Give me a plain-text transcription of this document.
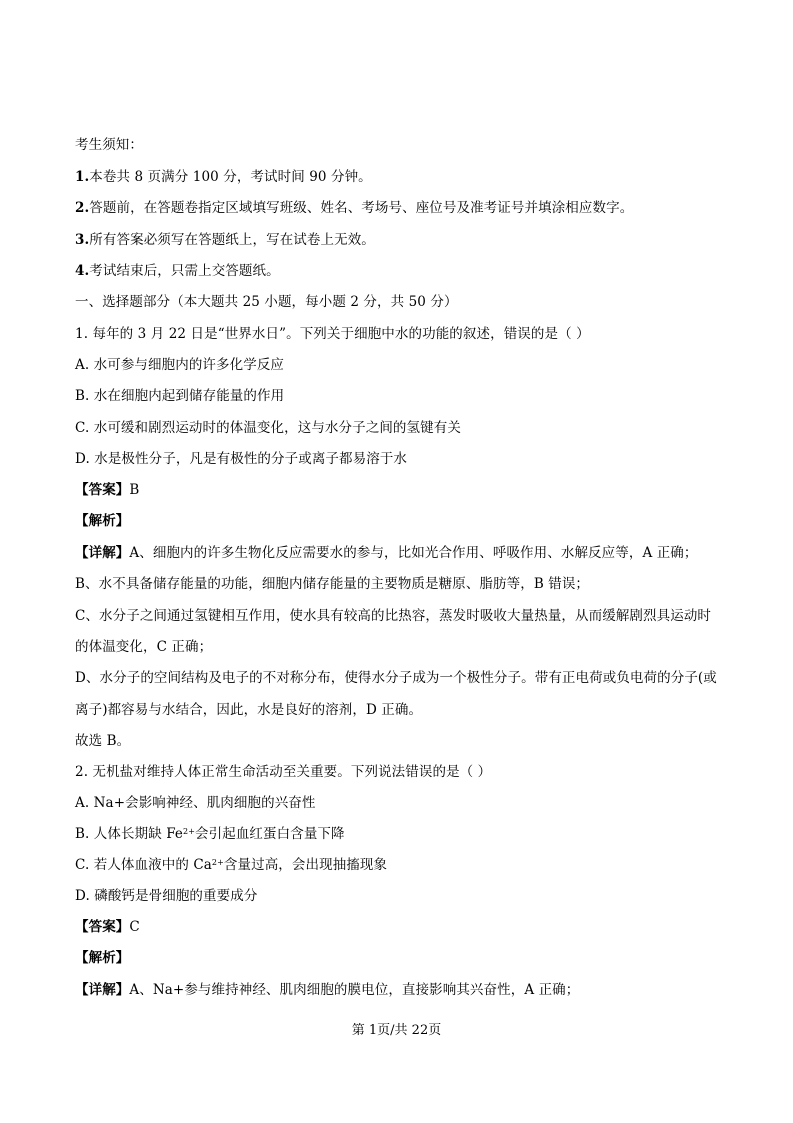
考生须知：
1.本卷共 8 页满分 100 分，考试时间 90 分钟。
2.答题前，在答题卷指定区域填写班级、姓名、考场号、座位号及准考证号并填涂相应数字。
3.所有答案必须写在答题纸上，写在试卷上无效。
4.考试结束后，只需上交答题纸。
一、选择题部分（本大题共 25 小题，每小题 2 分，共 50 分）
1. 每年的 3 月 22 日是“世界水日”。下列关于细胞中水的功能的叙述，错误的是（ ）
A. 水可参与细胞内的许多化学反应
B. 水在细胞内起到储存能量的作用
C. 水可缓和剧烈运动时的体温变化，这与水分子之间的氢键有关
D. 水是极性分子，凡是有极性的分子或离子都易溶于水
【答案】B
【解析】
【详解】A、细胞内的许多生物化反应需要水的参与，比如光合作用、呼吸作用、水解反应等，A 正确；
B、水不具备储存能量的功能，细胞内储存能量的主要物质是糖原、脂肪等，B 错误；
C、水分子之间通过氢键相互作用，使水具有较高的比热容，蒸发时吸收大量热量，从而缓解剧烈具运动时
的体温变化，C 正确；
D、水分子的空间结构及电子的不对称分布，使得水分子成为一个极性分子。带有正电荷或负电荷的分子(或
离子)都容易与水结合，因此，水是良好的溶剂，D 正确。
故选 B。
2. 无机盐对维持人体正常生命活动至关重要。下列说法错误的是（ ）
A. Na+会影响神经、肌肉细胞的兴奋性
B. 人体长期缺 $Fe^{2+}$会引起血红蛋白含量下降
C. 若人体血液中的 $Ca^{2+}$含量过高，会出现抽搐现象
D. 磷酸钙是骨细胞的重要成分
【答案】C
【解析】
【详解】A、Na+参与维持神经、肌肉细胞的膜电位，直接影响其兴奋性，A 正确；
第 1页/共 22页
